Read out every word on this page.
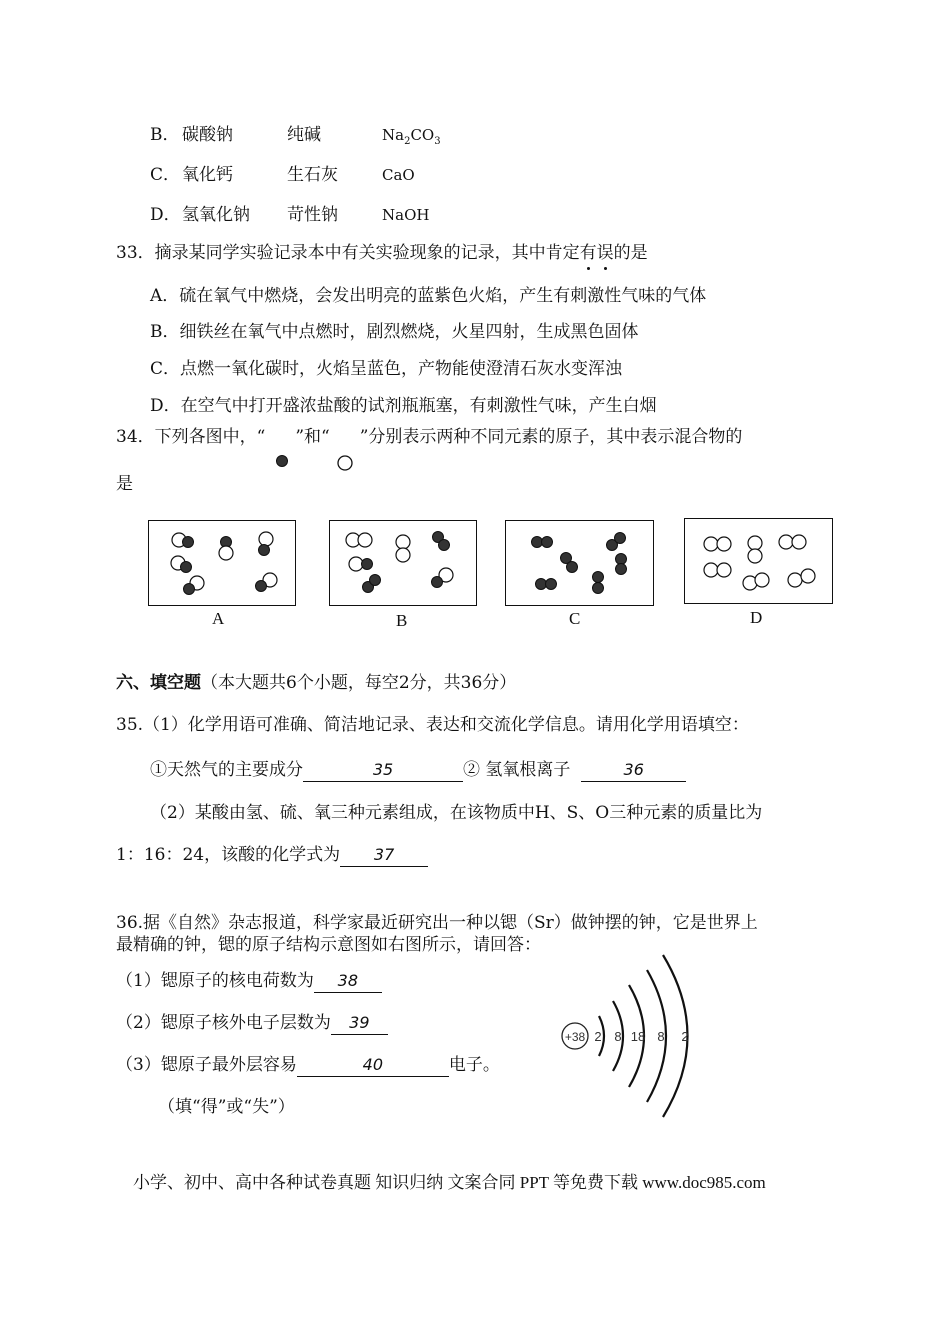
B． 碳酸钠	纯碱	$Na_2CO_3$
C． 氧化钙	生石灰	CaO
D．氢氧化钠 苛性钠	NaOH
33．摘录某同学实验记录本中有关实验现象的记录，其中肯定有误的是
A．硫在氧气中燃烧，会发出明亮的蓝紫色火焰，产生有刺激性气味的气体
B．细铁丝在氧气中点燃时，剧烈燃烧，火星四射，生成黑色固体
C．点燃一氧化碳时，火焰呈蓝色，产物能使澄清石灰水变浑浊
D．在空气中打开盛浓盐酸的试剂瓶瓶塞，有刺激性气味，产生白烟
34．下列各图中，“ ”和“ ”分别表示两种不同元素的原子，其中表示混合物的
是
A	B	C	D
六、填空题（本大题共6个小题，每空2分，共36分）
35.（1）化学用语可准确、简洁地记录、表达和交流化学信息。请用化学用语填空：
①天然气的主要成分	35	② 氢氧根离子	36
（2）某酸由氢、硫、氧三种元素组成，在该物质中H、S、O三种元素的质量比为
1：16：24，该酸的化学式为 37
36.据《自然》杂志报道，科学家最近研究出一种以锶（Sr）做钟摆的钟，它是世界上
最精确的钟，锶的原子结构示意图如右图所示，请回答：
（1）锶原子的核电荷数为 38
（2）锶原子核外电子层数为 39
（3）锶原子最外层容易	40	电子。
（填“得”或“失”）
+38 2 8 18 8 2
小学、初中、高中各种试卷真题 知识归纳 文案合同 PPT 等免费下载 www.doc985.com
